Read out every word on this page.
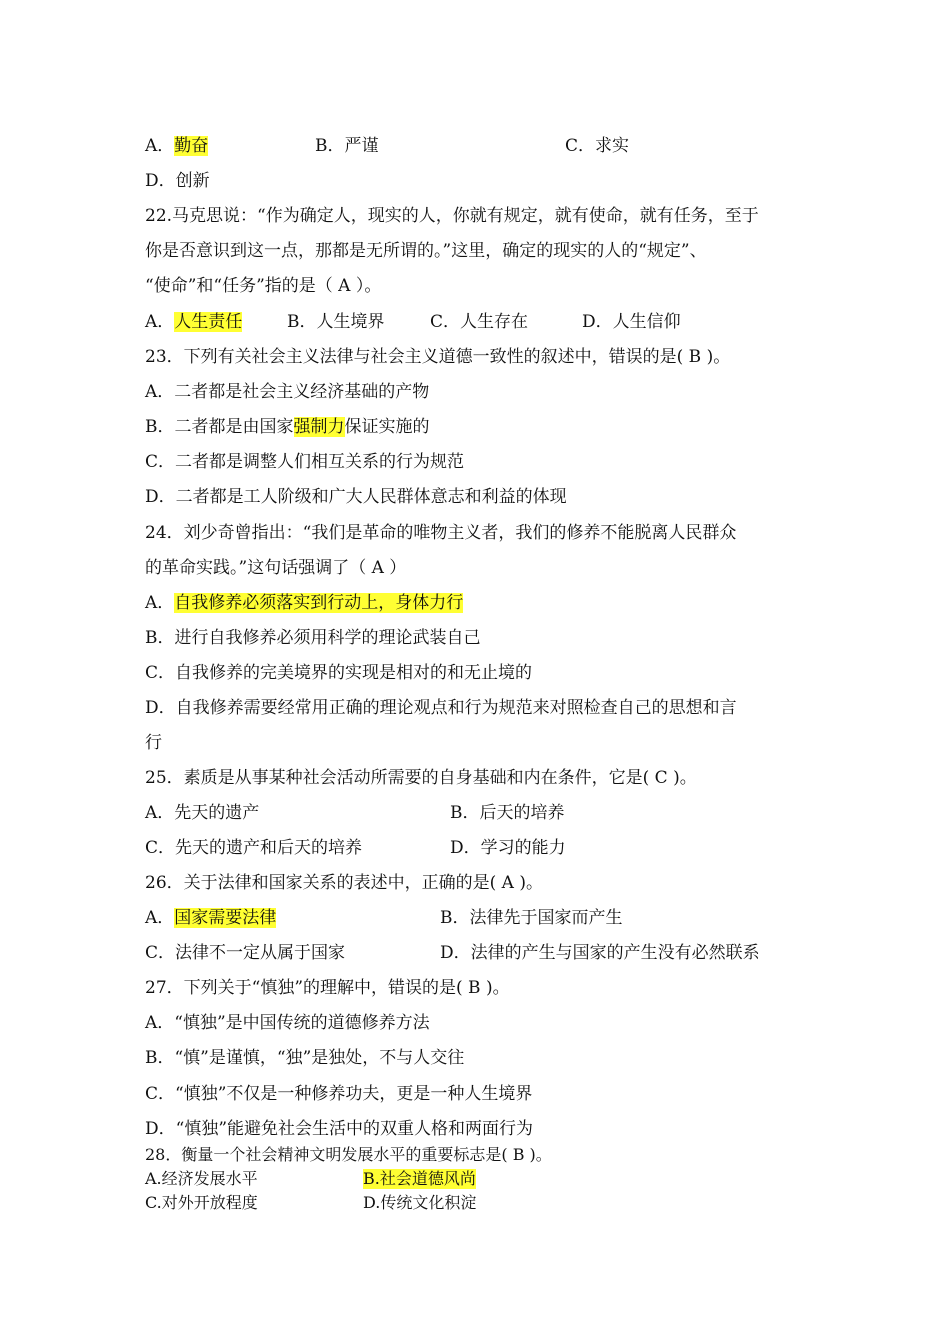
A．勤奋	B．严谨	C．求实
D．创新
22.马克思说：“作为确定人，现实的人，你就有规定，就有使命，就有任务，至于
你是否意识到这一点，那都是无所谓的。”这里，确定的现实的人的“规定”、
“使命”和“任务”指的是（ A ）。
A．人生责任	B．人生境界	C．人生存在	D．人生信仰
23．下列有关社会主义法律与社会主义道德一致性的叙述中，错误的是( B )。
A．二者都是社会主义经济基础的产物
B．二者都是由国家强制力保证实施的
C．二者都是调整人们相互关系的行为规范
D．二者都是工人阶级和广大人民群体意志和利益的体现
24．刘少奇曾指出：“我们是革命的唯物主义者，我们的修养不能脱离人民群众
的革命实践。”这句话强调了（ A ）
A．自我修养必须落实到行动上，身体力行
B．进行自我修养必须用科学的理论武装自己
C．自我修养的完美境界的实现是相对的和无止境的
D．自我修养需要经常用正确的理论观点和行为规范来对照检查自己的思想和言
行
25．素质是从事某种社会活动所需要的自身基础和内在条件，它是( C )。
A．先天的遗产	B．后天的培养
C．先天的遗产和后天的培养	D．学习的能力
26．关于法律和国家关系的表述中，正确的是( A )。
A．国家需要法律	B．法律先于国家而产生
C．法律不一定从属于国家	D．法律的产生与国家的产生没有必然联系
27．下列关于“慎独”的理解中，错误的是( B )。
A．“慎独”是中国传统的道德修养方法
B．“慎”是谨慎，“独”是独处，不与人交往
C．“慎独”不仅是一种修养功夫，更是一种人生境界
D．“慎独”能避免社会生活中的双重人格和两面行为
28．衡量一个社会精神文明发展水平的重要标志是( B )。
A.经济发展水平	B.社会道德风尚
C.对外开放程度	D.传统文化积淀
